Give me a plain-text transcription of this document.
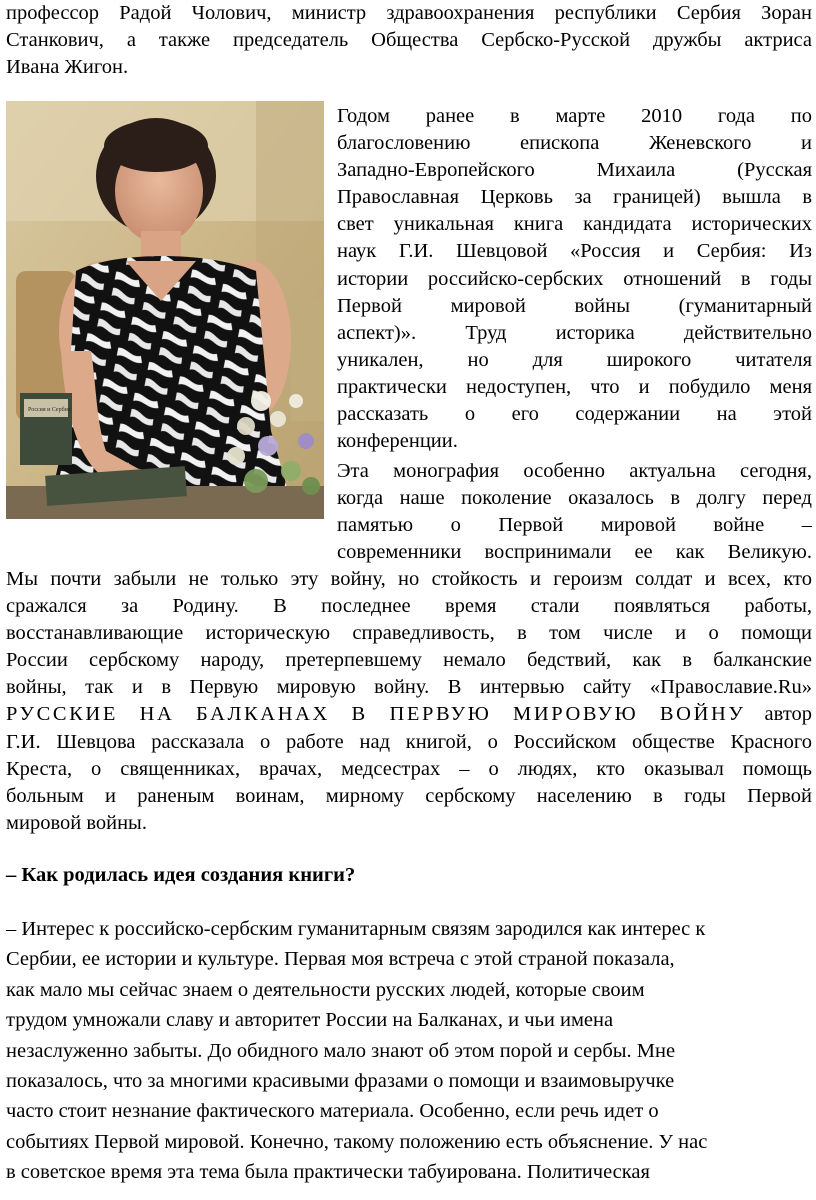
профессор Радой Чолович, министр здравоохранения республики Сербия Зоран
Станкович, а также председатель Общества Сербско-Русской дружбы актриса
Ивана Жигон.
Россия и Сербия
Годом ранее в марте 2010 года по
благословению епископа Женевского и
Западно-Европейского Михаила (Русская
Православная Церковь за границей) вышла в
свет уникальная книга кандидата исторических
наук Г.И. Шевцовой «Россия и Сербия: Из
истории российско-сербских отношений в годы
Первой мировой войны (гуманитарный
аспект)». Труд историка действительно
уникален, но для широкого читателя
практически недоступен, что и побудило меня
рассказать о его содержании на этой
конференции.
Эта монография особенно актуальна сегодня,
когда наше поколение оказалось в долгу перед
памятью о Первой мировой войне –
современники воспринимали ее как Великую.
Мы почти забыли не только эту войну, но стойкость и героизм солдат и всех, кто
сражался за Родину. В последнее время стали появляться работы,
восстанавливающие историческую справедливость, в том числе и о помощи
России сербскому народу, претерпевшему немало бедствий, как в балканские
войны, так и в Первую мировую войну. В интервью сайту «Православие.Ru»
РУССКИЕ НА БАЛКАНАХ В ПЕРВУЮ МИРОВУЮ ВОЙНУ автор
Г.И. Шевцова рассказала о работе над книгой, о Российском обществе Красного
Креста, о священниках, врачах, медсестрах – о людях, кто оказывал помощь
больным и раненым воинам, мирному сербскому населению в годы Первой
мировой войны.

– Как родилась идея создания книги?

– Интерес к российско-сербским гуманитарным связям зародился как интерес к
Сербии, ее истории и культуре. Первая моя встреча с этой страной показала,
как мало мы сейчас знаем о деятельности русских людей, которые своим
трудом умножали славу и авторитет России на Балканах, и чьи имена
незаслуженно забыты. До обидного мало знают об этом порой и сербы. Мне
показалось, что за многими красивыми фразами о помощи и взаимовыручке
часто стоит незнание фактического материала. Особенно, если речь идет о
событиях Первой мировой. Конечно, такому положению есть объяснение. У нас
в советское время эта тема была практически табуирована. Политическая
